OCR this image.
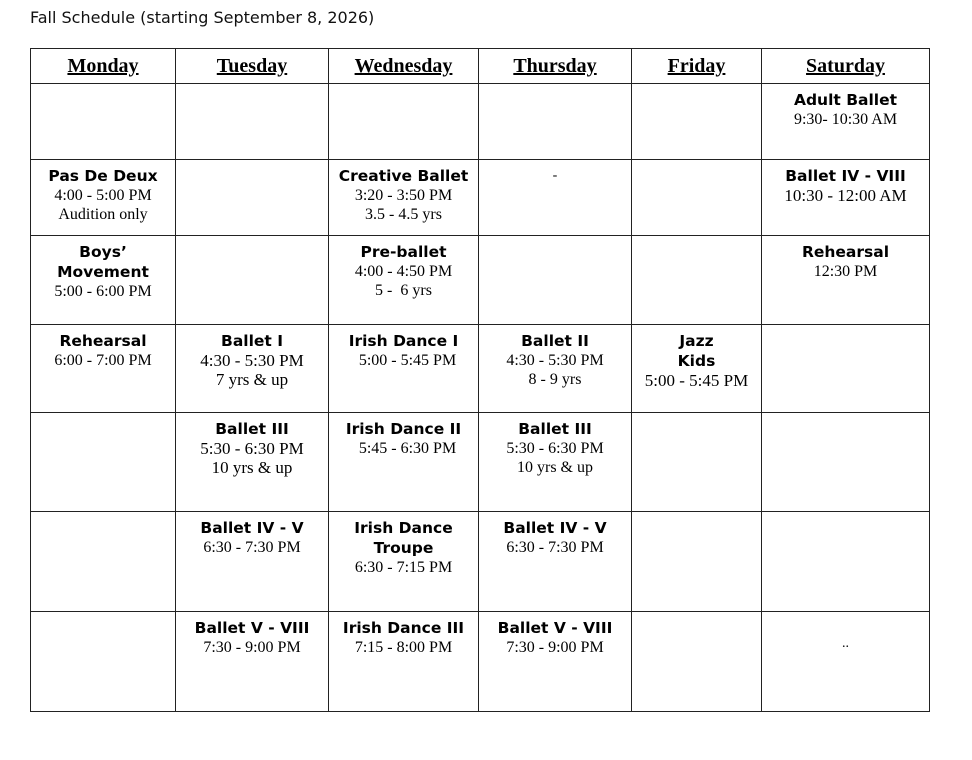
Fall Schedule (starting September 8, 2026)
Monday	Tuesday	Wednesday	Thursday	Friday	Saturday

					Adult Ballet
9:30- 10:30 AM

Pas De Deux
4:00 - 5:00 PM
Audition only		Creative Ballet
3:20 - 3:50 PM
3.5 - 4.5 yrs	-		Ballet IV - VIII
10:30 - 12:00 AM

Boys’
Movement
5:00 - 6:00 PM		Pre-ballet
4:00 - 4:50 PM
5 -  6 yrs			Rehearsal
12:30 PM

Rehearsal
6:00 - 7:00 PM	Ballet I
4:30 - 5:30 PM
7 yrs & up	Irish Dance I
5:00 - 5:45 PM	Ballet II
4:30 - 5:30 PM
8 - 9 yrs	Jazz
Kids
5:00 - 5:45 PM	

	Ballet III
5:30 - 6:30 PM
10 yrs & up	Irish Dance II
5:45 - 6:30 PM	Ballet III
5:30 - 6:30 PM
10 yrs & up		

	Ballet IV - V
6:30 - 7:30 PM	Irish Dance
Troupe
6:30 - 7:15 PM	Ballet IV - V
6:30 - 7:30 PM		

	Ballet V - VIII
7:30 - 9:00 PM	Irish Dance III
7:15 - 8:00 PM	Ballet V - VIII
7:30 - 9:00 PM		..
